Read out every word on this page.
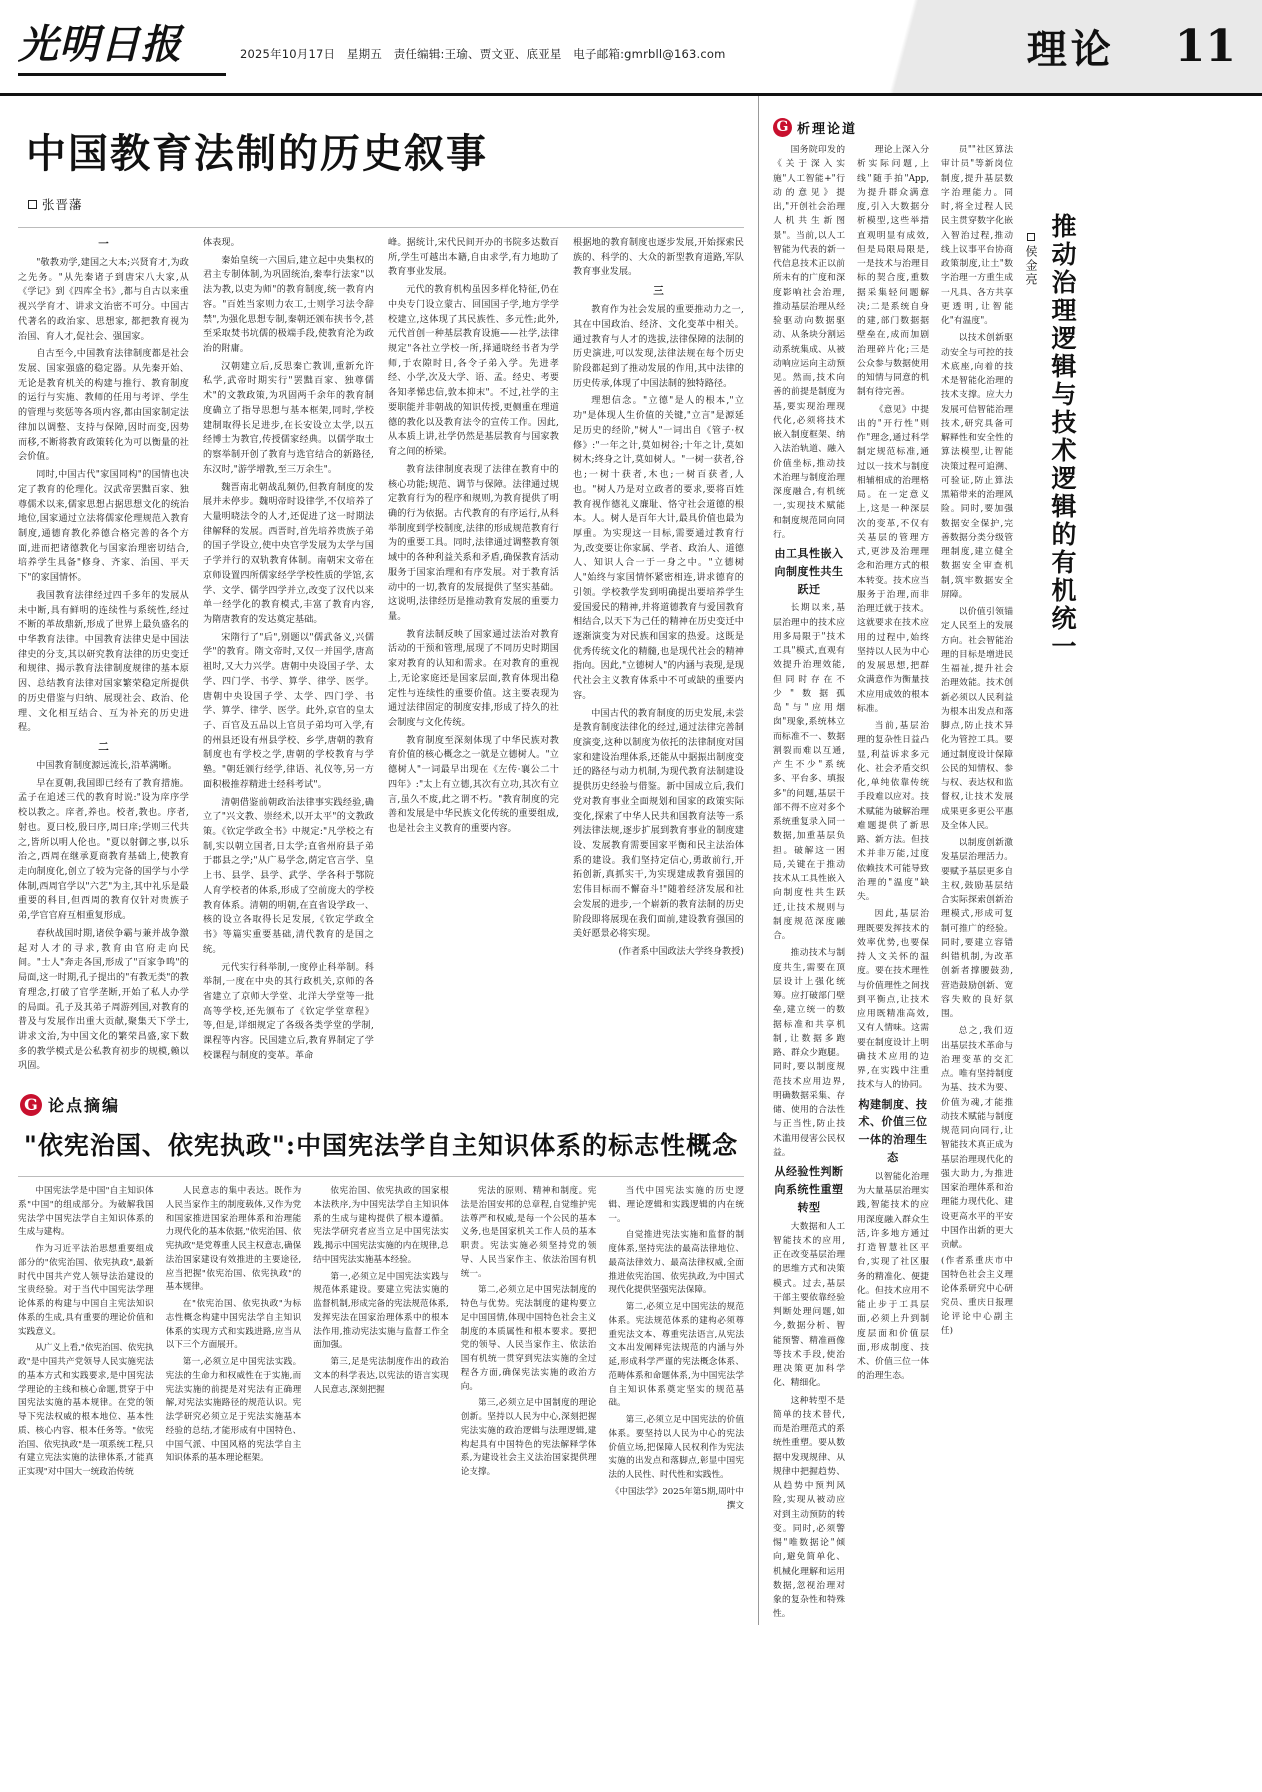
光明日报	2025年10月17日　星期五　责任编辑:王瑜、贾文亚、底亚星　电子邮箱:gmrbll@163.com	理论 11
中国教育法制的历史叙事
张晋藩

一

"敬教劝学,建国之大本;兴贤育才,为政之先务。"从先秦诸子到唐宋八大家,从《学记》到《四库全书》,都与自古以来重视兴学育才、讲求文治密不可分。中国古代著名的政治家、思想家, 都把教育视为治国、育人才,促社会、强国家。

自古至今,中国教育法律制度都是社会发展、国家强盛的稳定器。从先秦开始、无论是教育机关的构建与推行、教育制度的运行与实施、教师的任用与考评、学生的管理与奖惩等各项内容,都由国家制定法律加以调整、支持与保障,因时而变,因势而移,不断将教育政策转化为可以衡量的社会价值。

同时,中国古代"家国同构"的国情也决定了教育的伦理化。汉武帝罢黜百家、独尊儒术以来,儒家思想占据思想文化的统治地位,国家通过立法将儒家伦理规范入教育制度,通德育教化养德合格完善的各个方面,进而把诸德教化与国家治理密切结合,培养学生具备"修身、齐家、治国、平天下"的家国情怀。

我国教育法律经过四千多年的发展从未中断,具有鲜明的连续性与系统性,经过不断的革故鼎新,形成了世界上最负盛名的中华教育法律。中国教育法律史是中国法律史的分支,其以研究教育法律的历史变迁和规律、揭示教育法律制度规律的基本原因、总结教育法律对国家繁荣稳定所提供的历史借鉴与归纳、展现社会、政治、伦理、文化相互结合、互为补充的历史进程。

二

中国教育制度源远流长,沿革满晰。

早在夏朝,我国即已经有了教育措施。孟子在追述三代的教育时说:"设为庠序学校以教之。庠者,养也。校者,教也。序者,射也。夏曰校,殷曰序,周曰庠;学则三代共之,皆所以明人伦也。"夏以射御之事,以乐治之,西周在继承夏商教育基础上,使教育走向制度化,创立了较为完备的国学与小学体制,西周官学以"六艺"为主,其中礼乐是最重要的科目,但西周的教育仅针对贵族子弟,学官官府互相重复形成。

春秋战国时期,诸侯争霸与兼并战争激起对人才的寻求,教育由官府走向民间。"士人"奔走各国,形成了"百家争鸣"的局面,这一时期,孔子提出的"有教无类"的教育理念,打破了官学垄断,开始了私人办学的局面。孔子及其弟子周游列国,对教育的普及与发展作出重大贡献,聚集天下学士,讲求文治,为中国文化的繁荣昌盛,家下数多的教学模式是公私教育初步的规模,赖以巩固。

体表现。

秦始皇统一六国后,建立起中央集权的君主专制体制,为巩固统治,秦奉行法家"以法为教,以吏为师"的教育制度,统一教育内容。"百姓当家则力农工,士则学习法令辞禁",为强化思想专制,秦朝还颁布挟书令,甚至采取焚书坑儒的极端手段,使教育沦为政治的附庸。

汉朝建立后,反思秦亡教训,重新允许私学,武帝时期实行"罢黜百家、独尊儒术"的文教政策,为巩固两千余年的教育制度确立了指导思想与基本框架,同时,学校建制取得长足进步,在长安设立太学,以五经博士为教官,传授儒家经典。以儒学取士的察举制开创了教育与选官结合的新路径,东汉时,"游学增教,至三万余生"。

魏晋南北朝战乱频仍,但教育制度的发展并未停步。魏明帝时设律学,不仅培养了大量明晓法令的人才,还促进了这一时期法律解释的发展。西晋时,首先培养贵族子弟的国子学设立,使中央官学发展为太学与国子学并行的双轨教育体制。南朝宋文帝在京师设置四所儒家经学学校性质的学馆,玄学、文学、儒学四学并立,改变了汉代以来单一经学化的教育模式,丰富了教育内容,为隋唐教育的发达奠定基础。

宋隋行了"后",别题以"儒武备义,兴儒学"的教育。隋文帝时,又仅一并国学,唐高祖时,又大力兴学。唐朝中央设国子学、太学、四门学、书学、算学、律学、医学。唐朝中央设国子学、太学、四门学、书学、算学、律学、医学。此外,京官的皇太子、百官及五品以上官员子弟均可入学,有的州县还设有州县学校、乡学,唐朝的教育制度也有学校之学,唐朝的学校教育与学塾。"朝廷颁行经学,律语、礼仪等,另一方面积极推荐精进士经科考试"。

清朝借鉴前朝政治法律事实践经验,确立了"兴文教、崇经术,以开太平"的文教政策。《钦定学政全书》中规定:"凡学校之有制,实以朝立国者,日太学;直省州府县子弟于郡县之学;"从广易学念,荫定官言学、皇上书、县学、县学、武学、学各科于鄂院人育学校者的体系,形成了空前庞大的学校教育体系。清朝的明朝,在直省设学政一、核的设立各取得长足发展,《钦定学政全书》等篇实重要基础,清代教育的是国之统。

元代实行科举制,一度停止科举制。科举制,一度在中央的其行政机关,京师的各省建立了京师大学堂、北洋大学堂等一批高等学校,还先颁布了《钦定学堂章程》等,但是,详细规定了各级各类学堂的学制,课程等内容。民国建立后,教育界制定了学校课程与制度的变革。革命

峰。据统计,宋代民间开办的书院多达数百所,学生可越出本籍,自由求学,有力地助了教育事业发展。

元代的教育机构虽因多样化特征,仍在中央专门设立蒙古、回国国子学,地方学学校建立,这体现了其民族性、多元性;此外,元代首创一种基层教育设施——社学,法律规定"各社立学校一所,择通晓经书者为学师,于农隙时日,各令子弟入学。先进孝经、小学,次及大学、语、孟。经史、考要各知孝悌忠信,敦本抑末"。不过,社学的主要职能并非朝战的知识传授,更侧重在理道德的教化以及教育法令的宣传工作。因此,从本质上讲,社学仍然是基层教育与国家教育之间的桥梁。

教育法律制度表现了法律在教育中的核心功能;规范、调节与保障。法律通过规定教育行为的程序和规则,为教育提供了明确的行为依据。古代教育的有序运行,从科举制度到学校制度,法律的形成规范教育行为的重要工具。同时,法律通过调整教育领域中的各种利益关系和矛盾,确保教育活动服务于国家治理和有序发展。对于教育活动中的一切,教育的发展提供了坚实基础。这说明,法律经历是推动教育发展的重要力量。

教育法制反映了国家通过法治对教育活动的干预和管理,展现了不同历史时期国家对教育的认知和需求。在对教育的重视上,无论家庭还是国家层面,教育体现出稳定性与连续性的重要价值。这主要表现为通过法律固定的制度安排,形成了持久的社会制度与文化传统。

教育制度至深刻体现了中华民族对教育价值的核心概念之一就是立德树人。"立德树人"一词最早出现在《左传·襄公二十四年》:"太上有立德,其次有立功,其次有立言,虽久不废,此之谓不朽。"教育制度的完善和发展是中华民族文化传统的重要组成,也是社会主义教育的重要内容。

根据地的教育制度也逐步发展,开始探索民族的、科学的、大众的新型教育道路,军队教育事业发展。

三

教育作为社会发展的重要推动力之一,其在中国政治、经济、文化变革中相关。通过教育与人才的选拔,法律保障的法制的历史演进,可以发现,法律法规在每个历史阶段都起到了推动发展的作用,其中法律的历史传承,体现了中国法制的独特路径。

理想信念。"立德"是人的根本,"立功"是体现人生价值的关键,"立言"是源延足历史的经阶,"树人"一词出自《管子·权修》:"一年之计,莫如树谷;十年之计,莫如树木;终身之计,莫如树人。"一树一获者,谷也;一树十获者,木也;一树百获者,人也。"树人乃是对立政者的要求,要将百姓教育视作德礼义廉耻、恪守社会道德的根本。人。树人是百年大计,最具价值也最为厚重。为实现这一目标,需要通过教育行为,改变要让你家属、学者、政治人、道德人、知识人合一于一身之中。"立德树人"始终与家国情怀紧密相连,讲求德育的引领。学校教学发到明确提出要培养学生爱国爱民的精神,并将道德教育与爱国教育相结合,以天下为己任的精神在历史变迁中逐渐演变为对民族和国家的热爱。这既是优秀传统文化的精髓,也是现代社会的精神指向。因此,"立德树人"的内涵与表现,是现代社会主义教育体系中不可或缺的重要内容。

中国古代的教育制度的历史发展,未尝是教育制度法律化的经过,通过法律完善制度演变,这种以制度为依托的法律制度对国家和建设治理体系,还能从中据振出制度变迁的路径与动力机制,为现代教育法制建设提供历史经验与借鉴。新中国成立后,我们党对教育事业全面规划和国家的政策实际变化,探索了中华人民共和国教育法等一系列法律法规,逐步扩展到教育事业的制度建设、发展教育需要国家平衡和民主法治体系的建设。我们坚持定信心,勇敢前行,开拓创新,真抓实干,为实现建成教育强国的宏伟目标而不懈奋斗!"随着经济发展和社会发展的进步,一个崭新的教育法制的历史阶段即将展现在我们面前,建设教育强国的美好愿景必将实现。

(作者系中国政法大学终身教授)

G 论点摘编
"依宪治国、依宪执政":中国宪法学自主知识体系的标志性概念

中国宪法学是中国"自主知识体系"中国"的组成部分。为破解我国宪法学中国宪法学自主知识体系的生成与建构。

作为习近平法治思想重要组成部分的"依宪治国、依宪执政",最新时代中国共产党人领导法治建设的宝贵经验。对于当代中国宪法学理论体系的构建与中国自主宪法知识体系的生成,具有重要的理论价值和实践意义。

从广义上看,"依宪治国、依宪执政"是中国共产党领导人民实施宪法的基本方式和实践要求,是中国宪法学理论的主线和核心命题,贯穿于中国宪法实施的基本规律。在党的领导下宪法权威的根本地位、基本性质、核心内容、根本任务等。"依宪治国、依宪执政"是一项系统工程,只有建立宪法实施的法律体系,才能真正实现"对中国大一统政治传统

人民意志的集中表达。既作为人民当家作主的制度载体,又作为党和国家推进国家治理体系和治理能力现代化的基本依据,"依宪治国、依宪执政"是党尊重人民主权意志,确保法治国家建设有效推进的主要途径,应当把握"依宪治国、依宪执政"的基本规律。

在"依宪治国、依宪执政"为标志性概念构建中国宪法学自主知识体系的实现方式和实践进路,应当从以下三个方面展开。

第一,必须立足中国宪法实践。宪法的生命力和权威性在于实施,而宪法实施的前提是对宪法有正确理解,对宪法实施路径的规范认识。宪法学研究必须立足于宪法实施基本经验的总结,才能形成有中国特色、中国气派、中国风格的宪法学自主知识体系的基本理论框架。

依宪治国、依宪执政的国家根本法秩序,为中国宪法学自主知识体系的生成与建构提供了根本遵循。宪法学研究者应当立足中国宪法实践,揭示中国宪法实施的内在规律,总结中国宪法实施基本经验。

第一,必须立足中国宪法实践与规范体系建设。要建立宪法实施的监督机制,形成完备的宪法规范体系,发挥宪法在国家治理体系中的根本法作用,推动宪法实施与监督工作全面加强。

第三,足是宪法制度作出的政治文本的科学表达,以宪法的语言实现人民意志,深刻把握

宪法的原则、精神和制度。宪法是治国安邦的总章程,自觉维护宪法尊严和权威,是每一个公民的基本义务,也是国家机关工作人员的基本职责。宪法实施必须坚持党的领导、人民当家作主、依法治国有机统一。

第二,必须立足中国宪法制度的特色与优势。宪法制度的建构要立足中国国情,体现中国特色社会主义制度的本质属性和根本要求。要把党的领导、人民当家作主、依法治国有机统一贯穿到宪法实施的全过程各方面,确保宪法实施的政治方向。

第三,必须立足中国制度的理论创新。坚持以人民为中心,深刻把握宪法实施的政治逻辑与法理逻辑,建构起具有中国特色的宪法解释学体系,为建设社会主义法治国家提供理论支撑。

当代中国宪法实施的历史逻辑、理论逻辑和实践逻辑的内在统一。

自觉推进宪法实施和监督的制度体系,坚持宪法的最高法律地位、最高法律效力、最高法律权威,全面推进依宪治国、依宪执政,为中国式现代化提供坚强宪法保障。

第二,必须立足中国宪法的规范体系。宪法规范体系的建构必须尊重宪法文本、尊重宪法语言,从宪法文本出发阐释宪法规范的内涵与外延,形成科学严谨的宪法概念体系、范畴体系和命题体系,为中国宪法学自主知识体系奠定坚实的规范基础。

第三,必须立足中国宪法的价值体系。要坚持以人民为中心的宪法价值立场,把保障人民权利作为宪法实施的出发点和落脚点,彰显中国宪法的人民性、时代性和实践性。

《中国法学》2025年第5期,周叶中撰文

G 析理论道

国务院印发的《关于深入实施"人工智能+"行动的意见》提出,"开创社会治理人机共生新图景"。当前,以人工智能为代表的新一代信息技术正以前所未有的广度和深度影响社会治理,推动基层治理从经验驱动向数据驱动、从条块分割运动系统集成、从被动响应运向主动预见。然而,技术向善的前提是制度为基,要实现治理现代化,必须将技术嵌入制度框架、纳入法治轨道、融入价值坐标,推动技术治理与制度治理深度融合,有机统一,实现技术赋能和制度规范同向同行。

由工具性嵌入向制度性共生跃迁

长期以来,基层治理中的技术应用多局限于"技术工具"模式,直观有效提升治理效能,但同时存在不少"数据孤岛"与"应用烟囱"现象,系统林立而标准不一、数据割裂而难以互通,产生不少"系统多、平台多、填报多"的问题,基层干部不得不应对多个系统重复录入同一数据,加重基层负担。破解这一困局,关键在于推动技术从工具性嵌入向制度性共生跃迁,让技术规则与制度规范深度融合。

推动技术与制度共生,需要在顶层设计上强化统筹。应打破部门壁垒,建立统一的数据标准和共享机制,让数据多跑路、群众少跑腿。同时,要以制度规范技术应用边界,明确数据采集、存储、使用的合法性与正当性,防止技术滥用侵害公民权益。

从经验性判断向系统性重塑转型

大数据和人工智能技术的应用,正在改变基层治理的思维方式和决策模式。过去,基层干部主要依靠经验判断处理问题,如今,数据分析、智能预警、精准画像等技术手段,使治理决策更加科学化、精细化。

这种转型不是简单的技术替代,而是治理范式的系统性重塑。要从数据中发现规律、从规律中把握趋势、从趋势中预判风险,实现从被动应对到主动预防的转变。同时,必须警惕"唯数据论"倾向,避免简单化、机械化理解和运用数据,忽视治理对象的复杂性和特殊性。

理论上深入分析实际问题,上线"随手拍"App,为提升群众满意度,引入大数据分析模型,这些举措直观明显有成效,但是局限局限是,一是技术与治理目标的契合度,重数据采集轻问题解决;二是系统自身的建,部门数据据壁垒在,成而加剧治理碎片化;三是公众参与数据使用的知情与同意的机制有待完善。

《意见》中提出的"开行性"则作"理念,通过科学制定规范标准,通过以一技术与制度相辅相成的治理格局。在一定意义上,这是一种深层次的变革,不仅有关基层的管理方式,更涉及治理理念和治理方式的根本转变。技术应当服务于治理,而非治理迁就于技术。这就要求在技术应用的过程中,始终坚持以人民为中心的发展思想,把群众满意作为衡量技术应用成效的根本标准。

当前,基层治理的复杂性日益凸显,利益诉求多元化、社会矛盾交织化,单纯依靠传统手段难以应对。技术赋能为破解治理难题提供了新思路、新方法。但技术并非万能,过度依赖技术可能导致治理的"温度"缺失。

因此,基层治理既要发挥技术的效率优势,也要保持人文关怀的温度。要在技术理性与价值理性之间找到平衡点,让技术应用既精准高效,又有人情味。这需要在制度设计上明确技术应用的边界,在实践中注重技术与人的协同。

构建制度、技术、价值三位一体的治理生态

以智能化治理为大量基层治理实践,智能技术的应用深度融入群众生活,许多地方通过打造智慧社区平台,实现了社区服务的精准化、便捷化。但技术应用不能止步于工具层面,必须上升到制度层面和价值层面,形成制度、技术、价值三位一体的治理生态。

员""社区算法审计员"等新岗位制度,提升基层数字治理能力。同时,将全过程人民民主贯穿数字化嵌入智治过程,推动线上议事平台协商政策制度,让土"数字治理一方重生成一凡具、各方共享更透明,让智能化"有温度"。

以技术创新驱动安全与可控的技术底座,向着的技术是智能化治理的技术支撑。应大力发展可信智能治理技术,研究具备可解释性和安全性的算法模型,让智能决策过程可追溯、可验证,防止算法黑箱带来的治理风险。同时,要加强数据安全保护,完善数据分类分级管理制度,建立健全数据安全审查机制,筑牢数据安全屏障。

以价值引领锚定人民至上的发展方向。社会智能治理的目标是增进民生福祉,提升社会治理效能。技术创新必须以人民利益为根本出发点和落脚点,防止技术异化为管控工具。要通过制度设计保障公民的知情权、参与权、表达权和监督权,让技术发展成果更多更公平惠及全体人民。

以制度创新激发基层治理活力。要赋予基层更多自主权,鼓励基层结合实际探索创新治理模式,形成可复制可推广的经验。同时,要建立容错纠错机制,为改革创新者撑腰鼓劲,营造鼓励创新、宽容失败的良好氛围。

总之,我们迈出基层技术革命与治理变革的交汇点。唯有坚持制度为基、技术为要、价值为魂,才能推动技术赋能与制度规范同向同行,让智能技术真正成为基层治理现代化的强大助力,为推进国家治理体系和治理能力现代化、建设更高水平的平安中国作出新的更大贡献。

(作者系重庆市中国特色社会主义理论体系研究中心研究员、重庆日报理论评论中心副主任)

推动治理逻辑与技术逻辑的有机统一
侯金亮
